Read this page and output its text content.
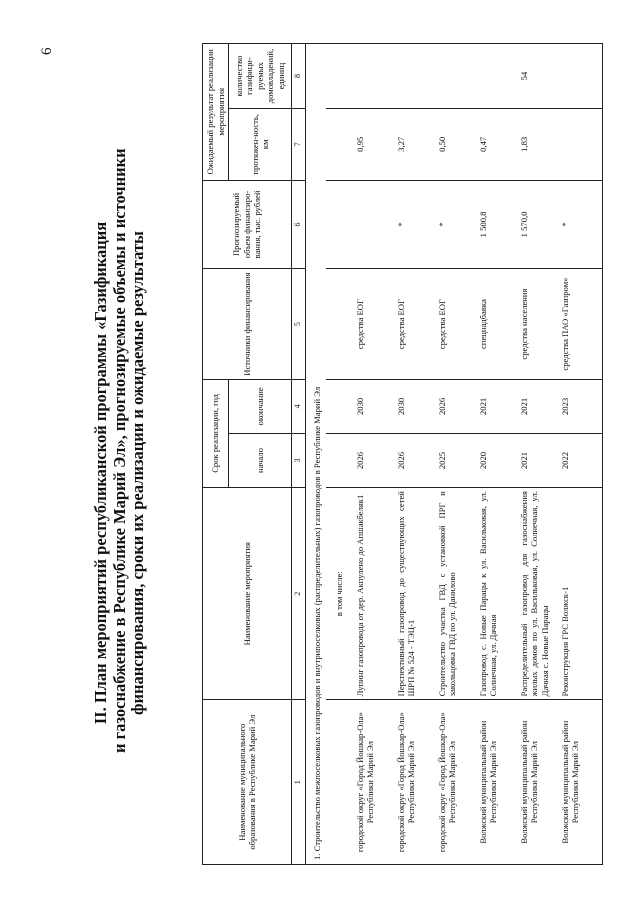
6
II. План мероприятий республиканской программы «Газификация и газоснабжение в Республике Марий Эл», прогнозируемые объемы и источники финансирования, сроки их реализации и ожидаемые результаты
Наименование муниципального образования в Республике Марий Эл	Наименование мероприятия	Срок реализации, год		Источники финансирования	Прогнозируемый объем финансиро-вания, тыс. рублей	Ожидаемый результат реализации мероприятия	
		начало	окончание			протяжен-ность, км	количество газифици-руемых домовладений, единиц
1	2	3	4	5	6	7	8
1. Строительство межпоселковых газопроводов и внутрипоселковых (распределительных) газопроводов в Республике Марий Эл							
	в том числе:						
городской округ «Город Йошкар-Ола» Республики Марий Эл	Лупинг газопровода от дер. Акпулено до Апшакбеляк1	2026	2030	средства ЕОГ		0,95	
городской округ «Город Йошкар-Ола» Республики Марий Эл	Перспективный газопровод до существующих сетей ШРП № 524 - ТЭЦ-1	2026	2030	средства ЕОГ	*	3,27	
городской округ «Город Йошкар-Ола» Республики Марий Эл	Строительство участка ГВД с установкой ПРГ и закольцовка ГВД по ул. Данилово	2025	2026	средства ЕОГ	*	0,50	
Волжский муниципальный район Республики Марий Эл	Газопровод с. Новые Парацы к ул. Васильковая, ул. Солнечная, ул. Дачная	2020	2021	спецнадбавка	1 500,8	0,47	
Волжский муниципальный район Республики Марий Эл	Распределительный газопровод для газоснабжения жилых домов по ул. Васильковая, ул. Солнечная, ул. Дачная с. Новые Парацы	2021	2021	средства населения	1 570,0	1,83	54
Волжский муниципальный район Республики Марий Эл	Реконструкция ГРС Волжск-1	2022	2023	средства ПАО «Газпром»	*		
